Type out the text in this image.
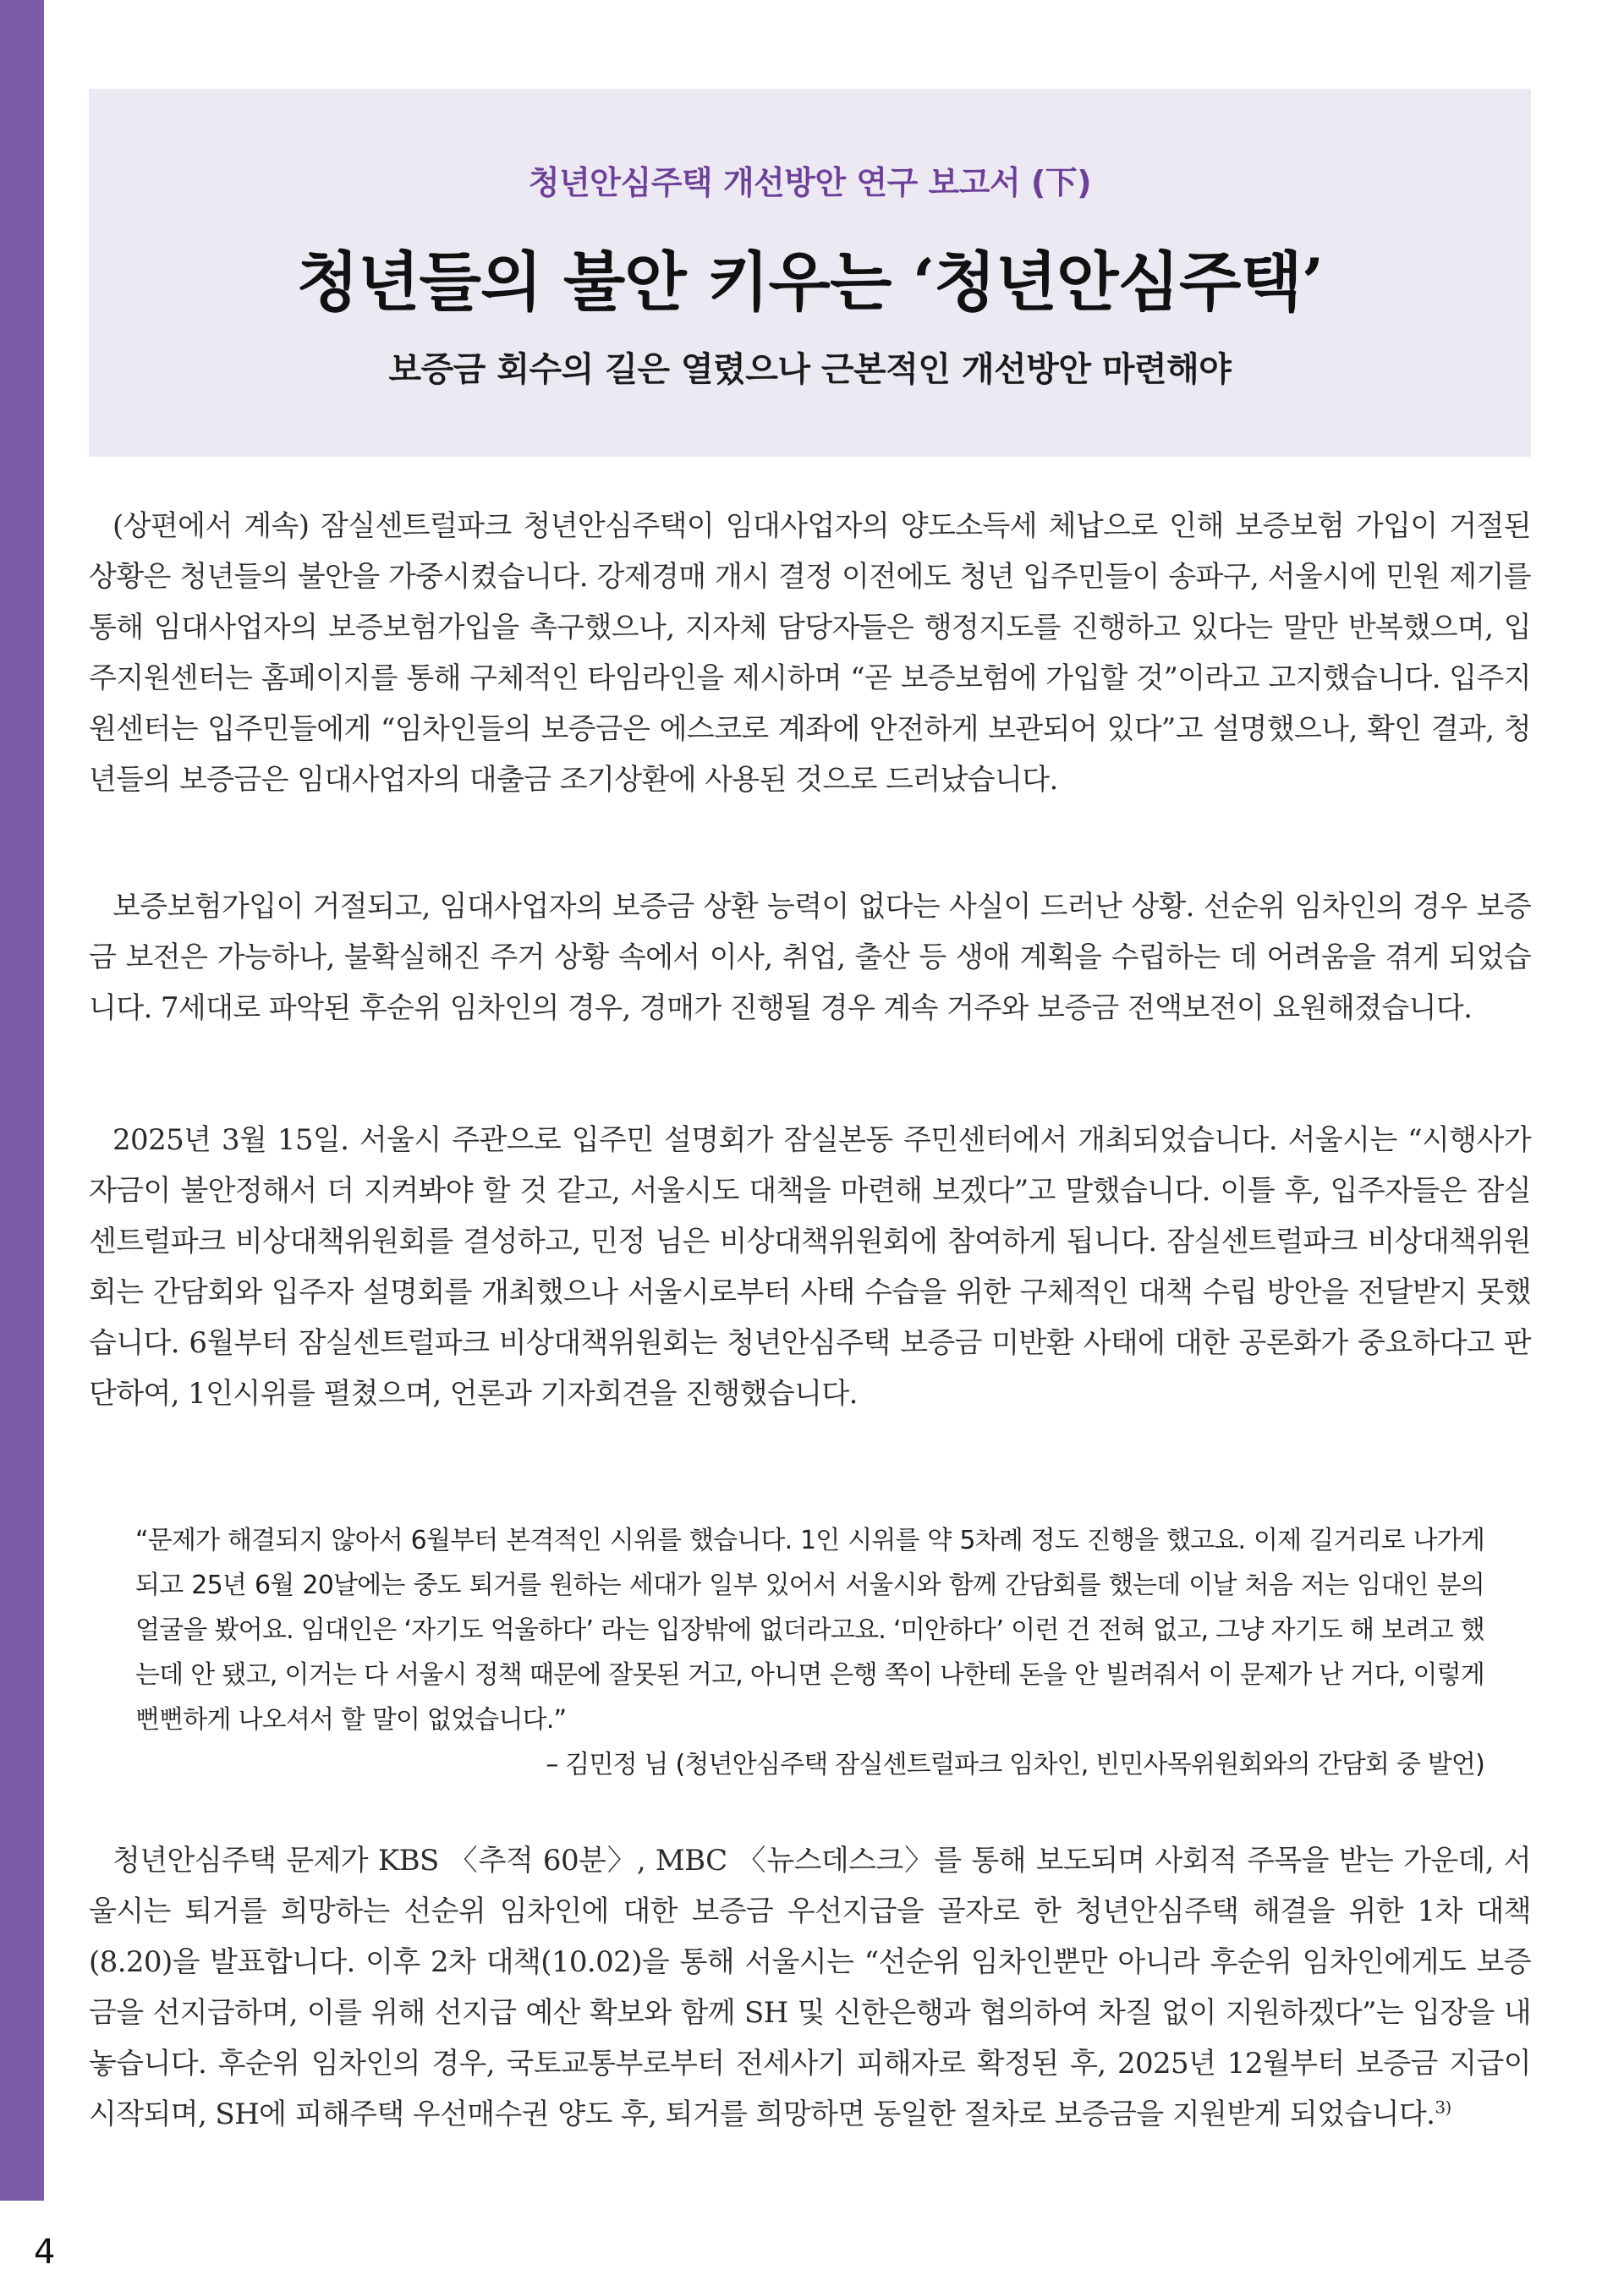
청년안심주택 개선방안 연구 보고서 (下)
청년들의 불안 키우는 ‘청년안심주택’
보증금 회수의 길은 열렸으나 근본적인 개선방안 마련해야

(상편에서 계속) 잠실센트럴파크 청년안심주택이 임대사업자의 양도소득세 체납으로 인해 보증보험 가입이 거절된 상황은 청년들의 불안을 가중시켰습니다. 강제경매 개시 결정 이전에도 청년 입주민들이 송파구, 서울시에 민원 제기를 통해 임대사업자의 보증보험가입을 촉구했으나, 지자체 담당자들은 행정지도를 진행하고 있다는 말만 반복했으며, 입주지원센터는 홈페이지를 통해 구체적인 타임라인을 제시하며 “곧 보증보험에 가입할 것”이라고 고지했습니다. 입주지원센터는 입주민들에게 “임차인들의 보증금은 에스코로 계좌에 안전하게 보관되어 있다”고 설명했으나, 확인 결과, 청년들의 보증금은 임대사업자의 대출금 조기상환에 사용된 것으로 드러났습니다.

보증보험가입이 거절되고, 임대사업자의 보증금 상환 능력이 없다는 사실이 드러난 상황. 선순위 임차인의 경우 보증금 보전은 가능하나, 불확실해진 주거 상황 속에서 이사, 취업, 출산 등 생애 계획을 수립하는 데 어려움을 겪게 되었습니다. 7세대로 파악된 후순위 임차인의 경우, 경매가 진행될 경우 계속 거주와 보증금 전액보전이 요원해졌습니다.

2025년 3월 15일. 서울시 주관으로 입주민 설명회가 잠실본동 주민센터에서 개최되었습니다. 서울시는 “시행사가 자금이 불안정해서 더 지켜봐야 할 것 같고, 서울시도 대책을 마련해 보겠다”고 말했습니다. 이틀 후, 입주자들은 잠실센트럴파크 비상대책위원회를 결성하고, 민정 님은 비상대책위원회에 참여하게 됩니다. 잠실센트럴파크 비상대책위원회는 간담회와 입주자 설명회를 개최했으나 서울시로부터 사태 수습을 위한 구체적인 대책 수립 방안을 전달받지 못했습니다. 6월부터 잠실센트럴파크 비상대책위원회는 청년안심주택 보증금 미반환 사태에 대한 공론화가 중요하다고 판단하여, 1인시위를 펼쳤으며, 언론과 기자회견을 진행했습니다.

“문제가 해결되지 않아서 6월부터 본격적인 시위를 했습니다. 1인 시위를 약 5차례 정도 진행을 했고요. 이제 길거리로 나가게 되고 25년 6월 20날에는 중도 퇴거를 원하는 세대가 일부 있어서 서울시와 함께 간담회를 했는데 이날 처음 저는 임대인 분의 얼굴을 봤어요. 임대인은 ‘자기도 억울하다’ 라는 입장밖에 없더라고요. ‘미안하다’ 이런 건 전혀 없고, 그냥 자기도 해 보려고 했는데 안 됐고, 이거는 다 서울시 정책 때문에 잘못된 거고, 아니면 은행 쪽이 나한테 돈을 안 빌려줘서 이 문제가 난 거다, 이렇게 뻔뻔하게 나오셔서 할 말이 없었습니다.”

– 김민정 님 (청년안심주택 잠실센트럴파크 임차인, 빈민사목위원회와의 간담회 중 발언)

청년안심주택 문제가 KBS 〈추적 60분〉, MBC 〈뉴스데스크〉를 통해 보도되며 사회적 주목을 받는 가운데, 서울시는 퇴거를 희망하는 선순위 임차인에 대한 보증금 우선지급을 골자로 한 청년안심주택 해결을 위한 1차 대책(8.20)을 발표합니다. 이후 2차 대책(10.02)을 통해 서울시는 “선순위 임차인뿐만 아니라 후순위 임차인에게도 보증금을 선지급하며, 이를 위해 선지급 예산 확보와 함께 SH 및 신한은행과 협의하여 차질 없이 지원하겠다”는 입장을 내놓습니다. 후순위 임차인의 경우, 국토교통부로부터 전세사기 피해자로 확정된 후, 2025년 12월부터 보증금 지급이 시작되며, SH에 피해주택 우선매수권 양도 후, 퇴거를 희망하면 동일한 절차로 보증금을 지원받게 되었습니다.$^{3)}$

4
